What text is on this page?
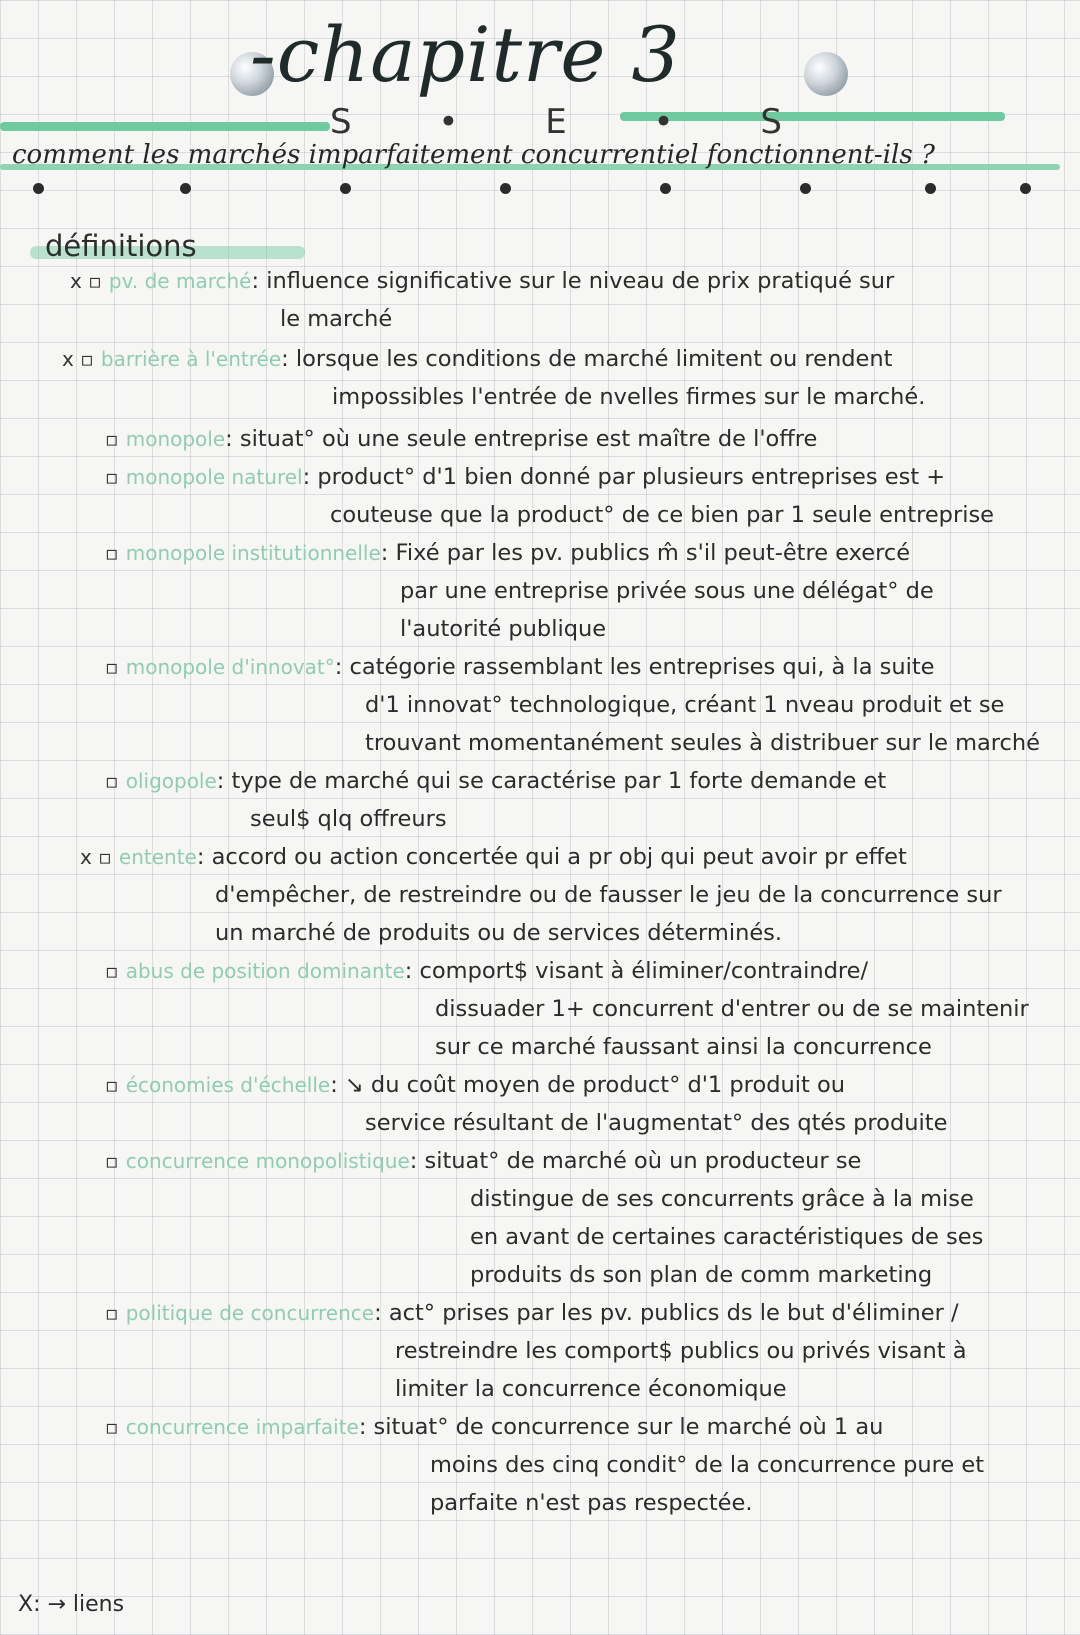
-chapitre 3
S • E • S
comment les marchés imparfaitement concurrentiel fonctionnent-ils ?
définitions
x ▫ pv. de marché: influence significative sur le niveau de prix pratiqué sur
le marché
x ▫ barrière à l'entrée: lorsque les conditions de marché limitent ou rendent
impossibles l'entrée de nvelles firmes sur le marché.
▫ monopole: situat° où une seule entreprise est maître de l'offre
▫ monopole naturel: product° d'1 bien donné par plusieurs entreprises est +
couteuse que la product° de ce bien par 1 seule entreprise
▫ monopole institutionnelle: Fixé par les pv. publics m̂ s'il peut-être exercé
par une entreprise privée sous une délégat° de
l'autorité publique
▫ monopole d'innovat°: catégorie rassemblant les entreprises qui, à la suite
d'1 innovat° technologique, créant 1 nveau produit et se
trouvant momentanément seules à distribuer sur le marché
▫ oligopole: type de marché qui se caractérise par 1 forte demande et
seul$ qlq offreurs
x ▫ entente: accord ou action concertée qui a pr obj qui peut avoir pr effet
d'empêcher, de restreindre ou de fausser le jeu de la concurrence sur
un marché de produits ou de services déterminés.
▫ abus de position dominante: comport$ visant à éliminer/contraindre/
dissuader 1+ concurrent d'entrer ou de se maintenir
sur ce marché faussant ainsi la concurrence
▫ économies d'échelle: ↘ du coût moyen de product° d'1 produit ou
service résultant de l'augmentat° des qtés produite
▫ concurrence monopolistique: situat° de marché où un producteur se
distingue de ses concurrents grâce à la mise
en avant de certaines caractéristiques de ses
produits ds son plan de comm marketing
▫ politique de concurrence: act° prises par les pv. publics ds le but d'éliminer /
restreindre les comport$ publics ou privés visant à
limiter la concurrence économique
▫ concurrence imparfaite: situat° de concurrence sur le marché où 1 au
moins des cinq condit° de la concurrence pure et
parfaite n'est pas respectée.
X: → liens
